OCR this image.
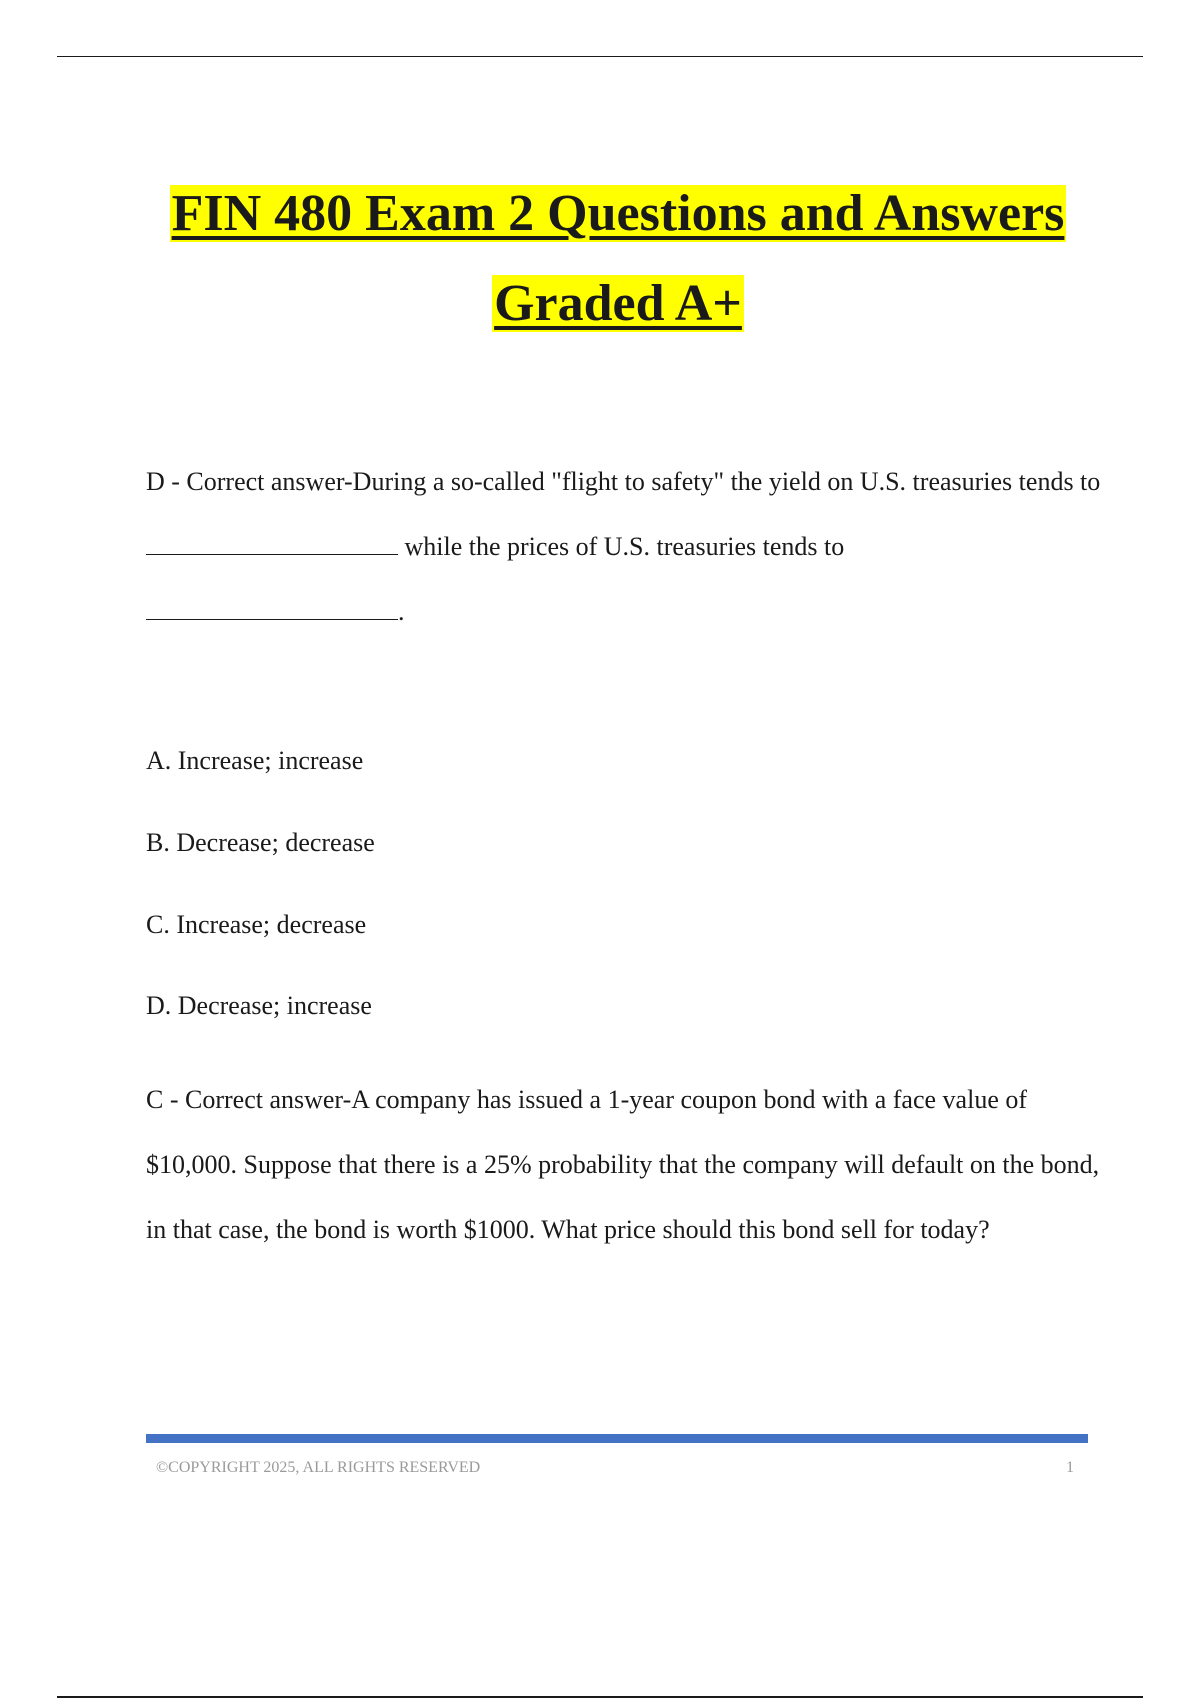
FIN 480 Exam 2 Questions and Answers
Graded A+

D - Correct answer-During a so-called "flight to safety" the yield on U.S. treasuries tends to  while the prices of U.S. treasuries tends to
.

A. Increase; increase

B. Decrease; decrease

C. Increase; decrease

D. Decrease; increase

C - Correct answer-A company has issued a 1-year coupon bond with a face value of $10,000. Suppose that there is a 25% probability that the company will default on the bond, in that case, the bond is worth $1000. What price should this bond sell for today?

©COPYRIGHT 2025, ALL RIGHTS RESERVED	1
